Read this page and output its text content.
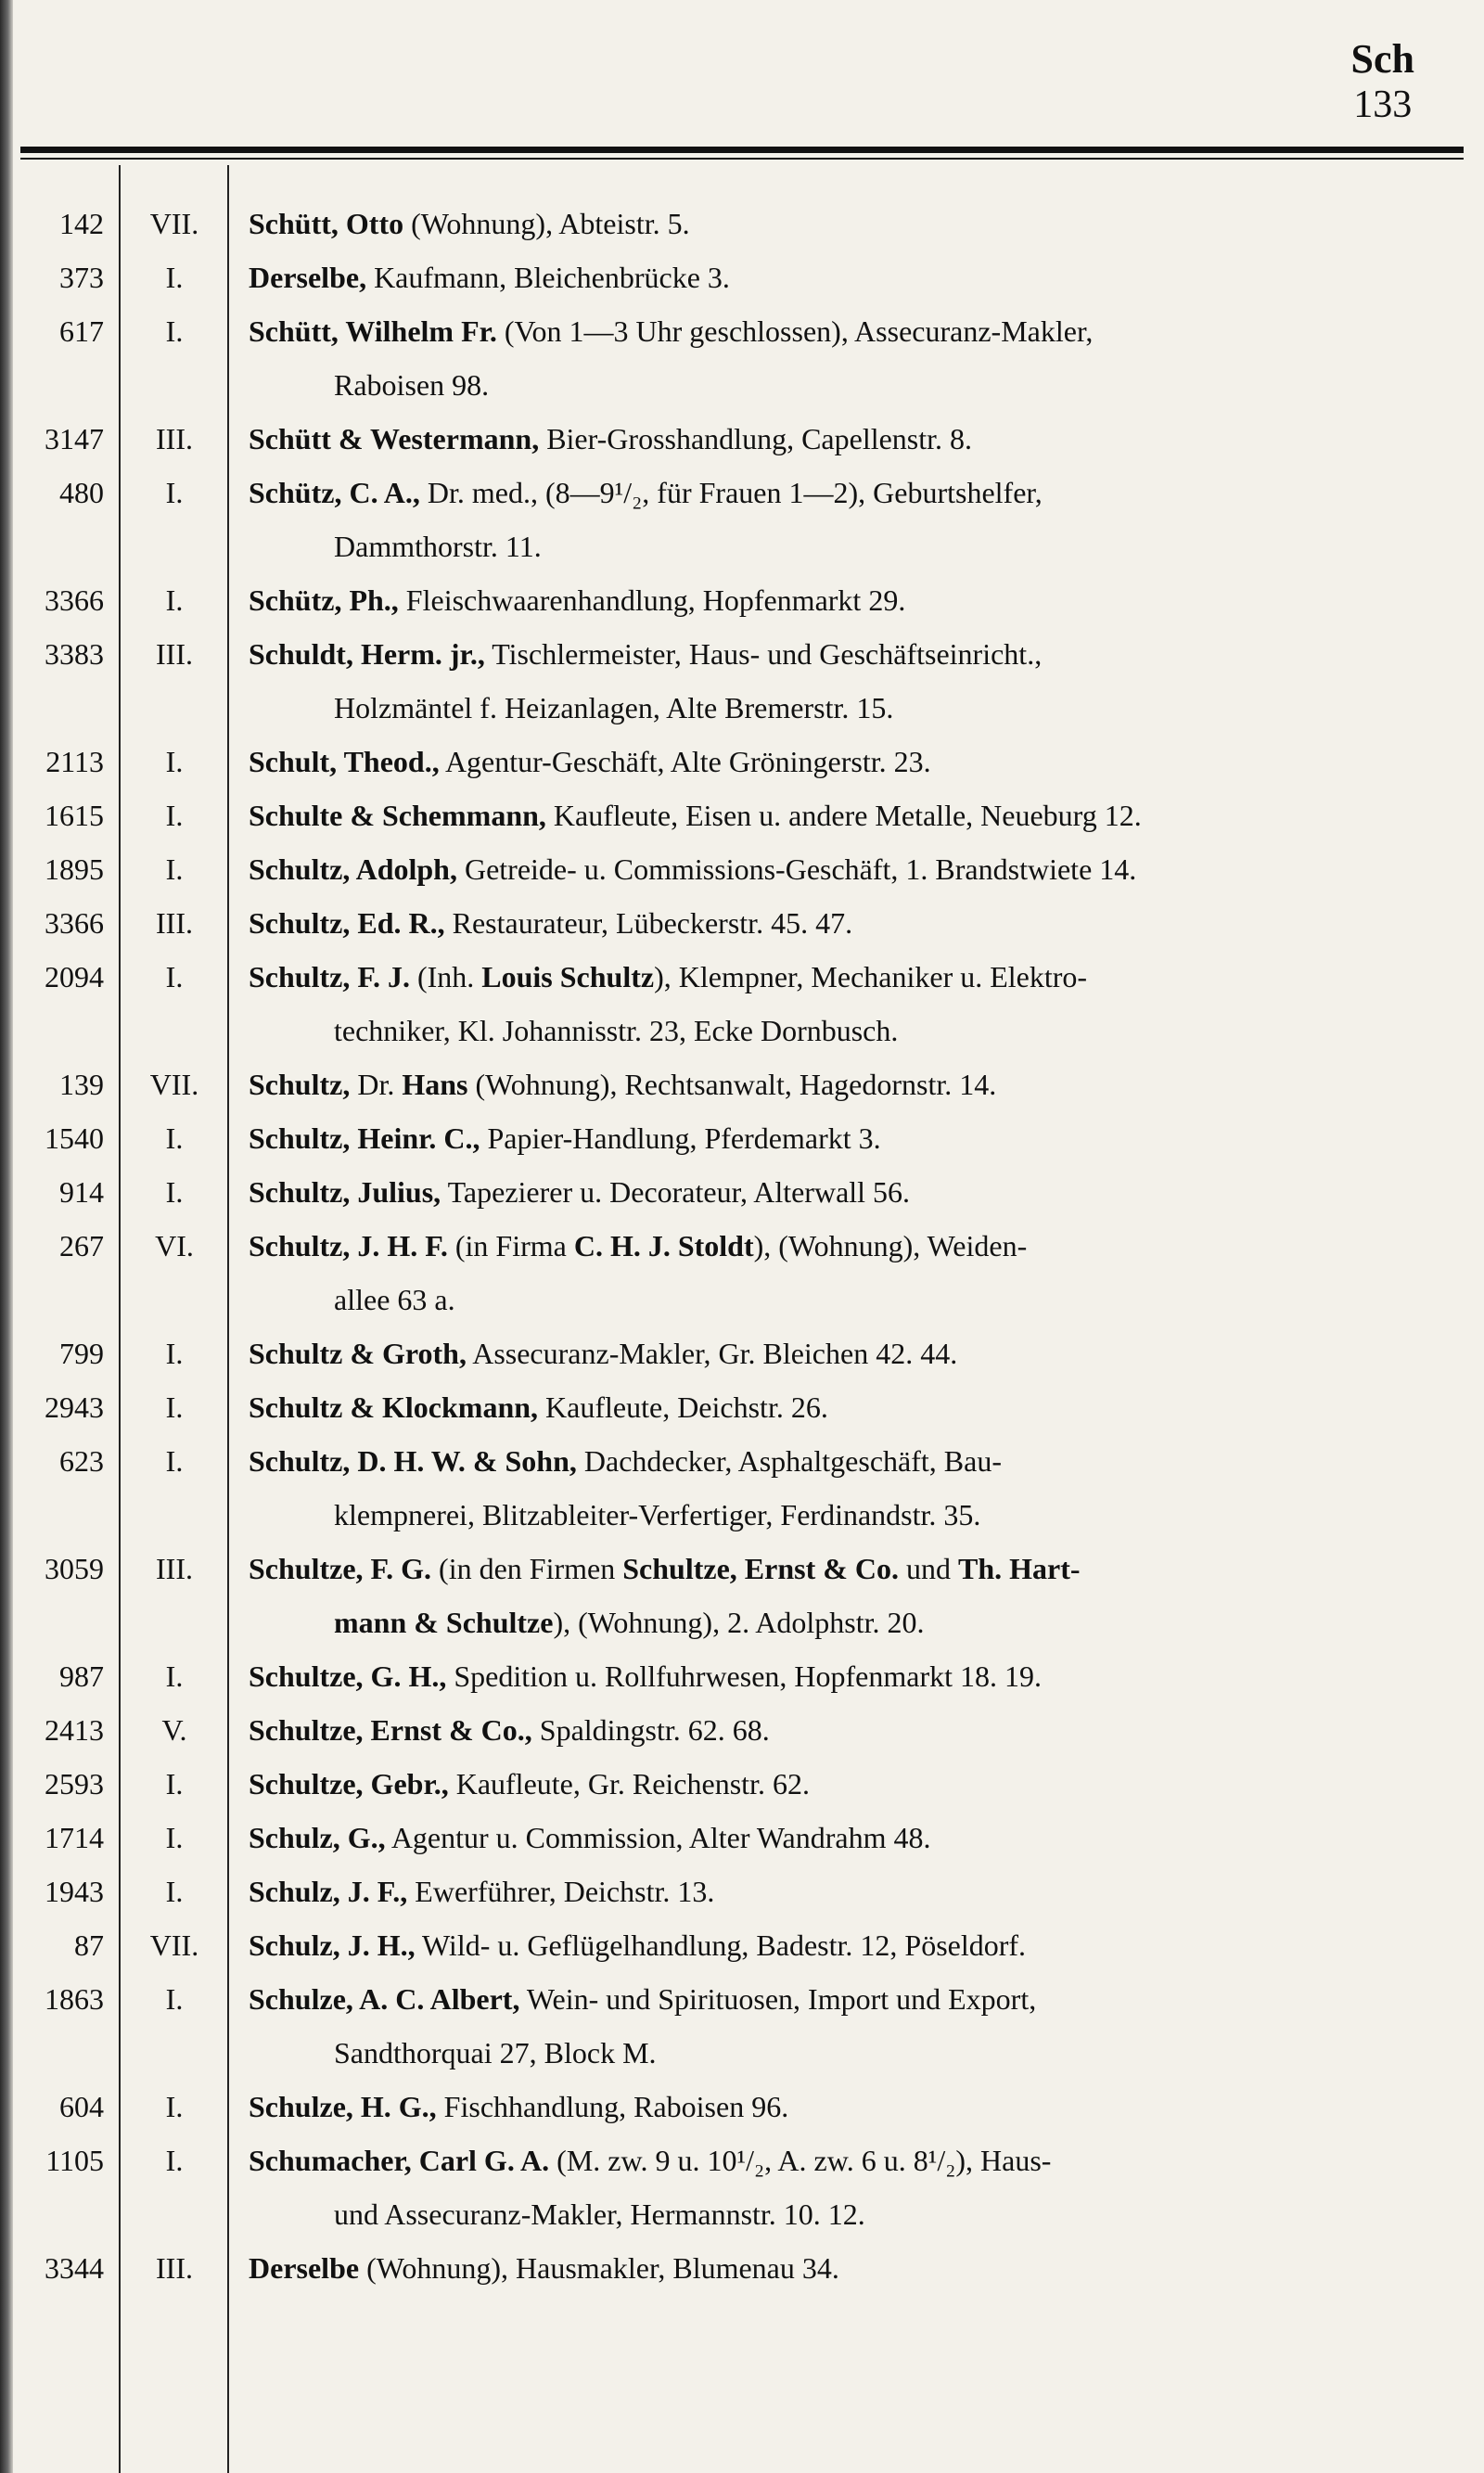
Sch
133
142	VII.	Schütt, Otto (Wohnung), Abteistr. 5.
373	I.	Derselbe, Kaufmann, Bleichenbrücke 3.
617	I.	Schütt, Wilhelm Fr. (Von 1—3 Uhr geschlossen), Assecuranz-Makler,
Raboisen 98.
3147	III.	Schütt & Westermann, Bier-Grosshandlung, Capellenstr. 8.
480	I.	Schütz, C. A., Dr. med., (8—9¹/₂, für Frauen 1—2), Geburtshelfer,
Dammthorstr. 11.
3366	I.	Schütz, Ph., Fleischwaarenhandlung, Hopfenmarkt 29.
3383	III.	Schuldt, Herm. jr., Tischlermeister, Haus- und Geschäftseinricht.,
Holzmäntel f. Heizanlagen, Alte Bremerstr. 15.
2113	I.	Schult, Theod., Agentur-Geschäft, Alte Gröningerstr. 23.
1615	I.	Schulte & Schemmann, Kaufleute, Eisen u. andere Metalle, Neueburg 12.
1895	I.	Schultz, Adolph, Getreide- u. Commissions-Geschäft, 1. Brandstwiete 14.
3366	III.	Schultz, Ed. R., Restaurateur, Lübeckerstr. 45. 47.
2094	I.	Schultz, F. J. (Inh. Louis Schultz), Klempner, Mechaniker u. Elektro-
techniker, Kl. Johannisstr. 23, Ecke Dornbusch.
139	VII.	Schultz, Dr. Hans (Wohnung), Rechtsanwalt, Hagedornstr. 14.
1540	I.	Schultz, Heinr. C., Papier-Handlung, Pferdemarkt 3.
914	I.	Schultz, Julius, Tapezierer u. Decorateur, Alterwall 56.
267	VI.	Schultz, J. H. F. (in Firma C. H. J. Stoldt), (Wohnung), Weiden-
allee 63 a.
799	I.	Schultz & Groth, Assecuranz-Makler, Gr. Bleichen 42. 44.
2943	I.	Schultz & Klockmann, Kaufleute, Deichstr. 26.
623	I.	Schultz, D. H. W. & Sohn, Dachdecker, Asphaltgeschäft, Bau-
klempnerei, Blitzableiter-Verfertiger, Ferdinandstr. 35.
3059	III.	Schultze, F. G. (in den Firmen Schultze, Ernst & Co. und Th. Hart-
mann & Schultze), (Wohnung), 2. Adolphstr. 20.
987	I.	Schultze, G. H., Spedition u. Rollfuhrwesen, Hopfenmarkt 18. 19.
2413	V.	Schultze, Ernst & Co., Spaldingstr. 62. 68.
2593	I.	Schultze, Gebr., Kaufleute, Gr. Reichenstr. 62.
1714	I.	Schulz, G., Agentur u. Commission, Alter Wandrahm 48.
1943	I.	Schulz, J. F., Ewerführer, Deichstr. 13.
87	VII.	Schulz, J. H., Wild- u. Geflügelhandlung, Badestr. 12, Pöseldorf.
1863	I.	Schulze, A. C. Albert, Wein- und Spirituosen, Import und Export,
Sandthorquai 27, Block M.
604	I.	Schulze, H. G., Fischhandlung, Raboisen 96.
1105	I.	Schumacher, Carl G. A. (M. zw. 9 u. 10¹/₂, A. zw. 6 u. 8¹/₂), Haus-
und Assecuranz-Makler, Hermannstr. 10. 12.
3344	III.	Derselbe (Wohnung), Hausmakler, Blumenau 34.
